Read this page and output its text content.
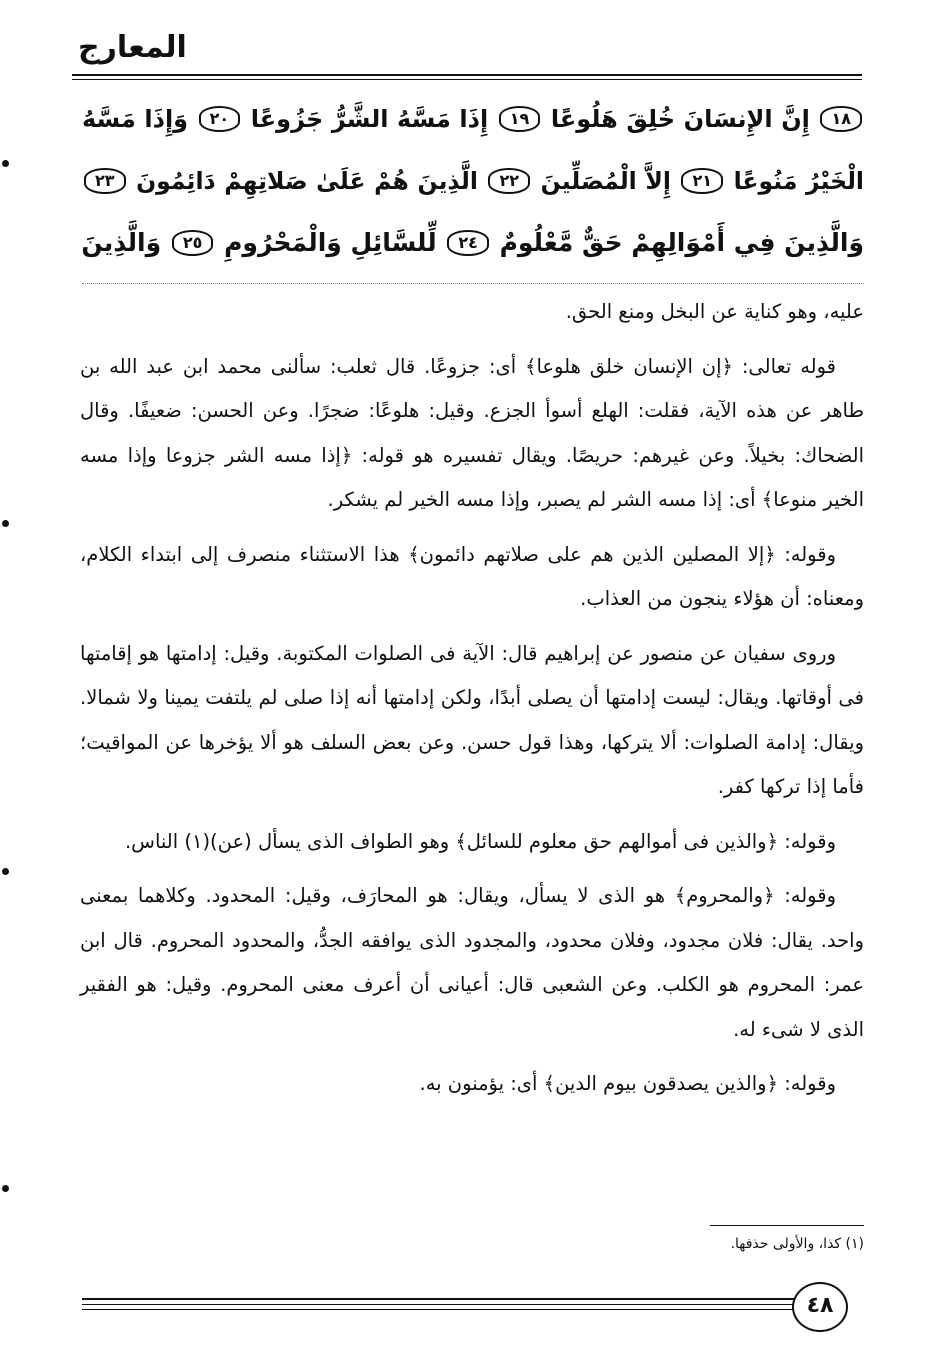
المعارج
١٨ إِنَّ الإِنسَانَ خُلِقَ هَلُوعًا ١٩ إِذَا مَسَّهُ الشَّرُّ جَزُوعًا ٢٠ وَإِذَا مَسَّهُ
الْخَيْرُ مَنُوعًا ٢١ إِلاَّ الْمُصَلِّينَ ٢٢ الَّذِينَ هُمْ عَلَىٰ صَلاتِهِمْ دَائِمُونَ ٢٣
وَالَّذِينَ فِي أَمْوَالِهِمْ حَقٌّ مَّعْلُومٌ ٢٤ لِّلسَّائِلِ وَالْمَحْرُومِ ٢٥ وَالَّذِينَ

عليه، وهو كناية عن البخل ومنع الحق.

قوله تعالى: ﴿إن الإنسان خلق هلوعا﴾ أى: جزوعًا. قال ثعلب: سألنى محمد ابن عبد الله بن طاهر عن هذه الآية، فقلت: الهلع أسوأ الجزع. وقيل: هلوعًا: ضجرًا. وعن الحسن: ضعيفًا. وقال الضحاك: بخيلاً. وعن غيرهم: حريصًا. ويقال تفسيره هو قوله: ﴿إذا مسه الشر جزوعا وإذا مسه الخير منوعا﴾ أى: إذا مسه الشر لم يصبر، وإذا مسه الخير لم يشكر.

وقوله: ﴿إلا المصلين الذين هم على صلاتهم دائمون﴾ هذا الاستثناء منصرف إلى ابتداء الكلام، ومعناه: أن هؤلاء ينجون من العذاب.

وروى سفيان عن منصور عن إبراهيم قال: الآية فى الصلوات المكتوبة. وقيل: إدامتها هو إقامتها فى أوقاتها. ويقال: ليست إدامتها أن يصلى أبدًا، ولكن إدامتها أنه إذا صلى لم يلتفت يمينا ولا شمالا. ويقال: إدامة الصلوات: ألا يتركها، وهذا قول حسن. وعن بعض السلف هو ألا يؤخرها عن المواقيت؛ فأما إذا تركها كفر.

وقوله: ﴿والذين فى أموالهم حق معلوم للسائل﴾ وهو الطواف الذى يسأل (عن)(١) الناس.

وقوله: ﴿والمحروم﴾ هو الذى لا يسأل، ويقال: هو المحارَف، وقيل: المحدود. وكلاهما بمعنى واحد. يقال: فلان مجدود، وفلان محدود، والمجدود الذى يوافقه الجدُّ، والمحدود المحروم. قال ابن عمر: المحروم هو الكلب. وعن الشعبى قال: أعيانى أن أعرف معنى المحروم. وقيل: هو الفقير الذى لا شىء له.

وقوله: ﴿والذين يصدقون بيوم الدين﴾ أى: يؤمنون به.

(١) كذا، والأولى حذفها.
٤٨
